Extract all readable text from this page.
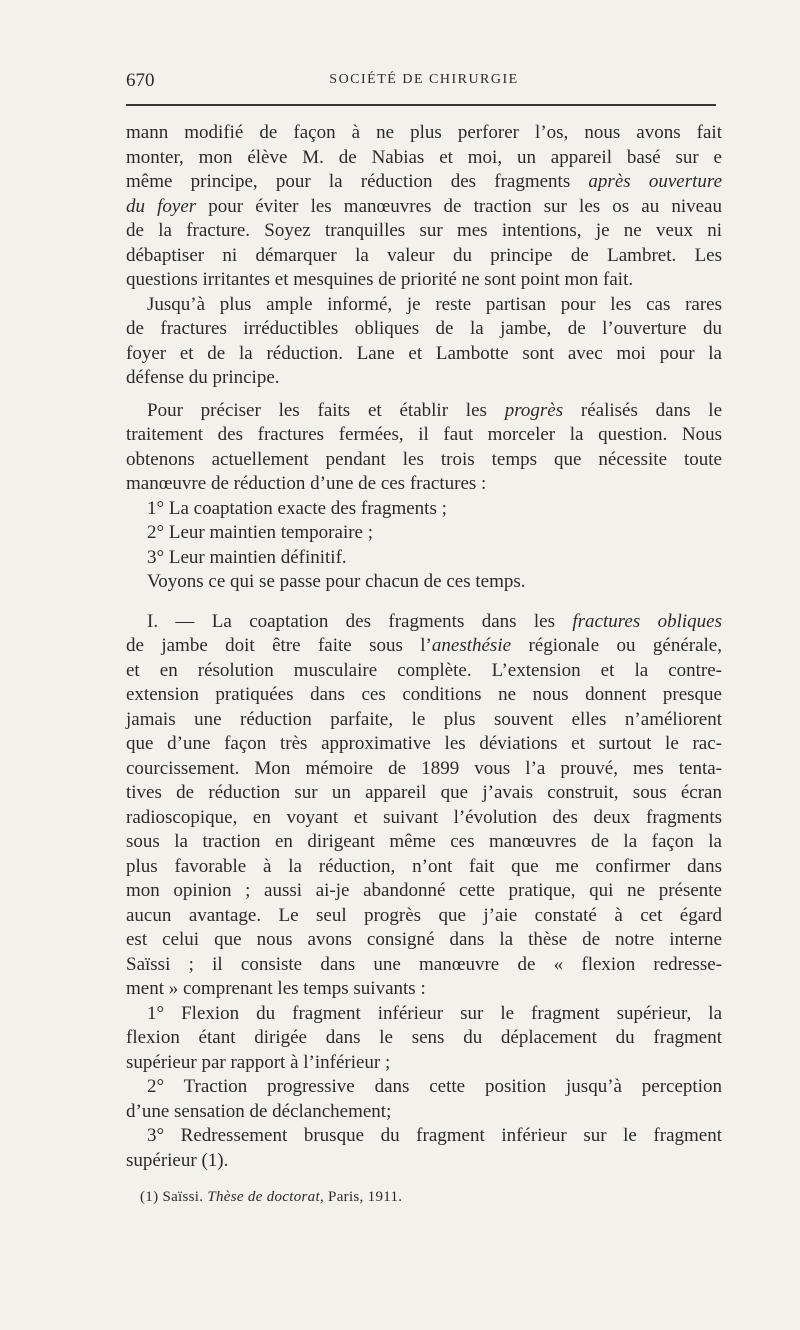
670	SOCIÉTÉ DE CHIRURGIE
mann modifié de façon à ne plus perforer l’os, nous avons fait
monter, mon élève M. de Nabias et moi, un appareil basé sur e
même principe, pour la réduction des fragments après ouverture
du foyer pour éviter les manœuvres de traction sur les os au niveau
de la fracture. Soyez tranquilles sur mes intentions, je ne veux ni
débaptiser ni démarquer la valeur du principe de Lambret. Les
questions irritantes et mesquines de priorité ne sont point mon fait.
Jusqu’à plus ample informé, je reste partisan pour les cas rares
de fractures irréductibles obliques de la jambe, de l’ouverture du
foyer et de la réduction. Lane et Lambotte sont avec moi pour la
défense du principe.
Pour préciser les faits et établir les progrès réalisés dans le
traitement des fractures fermées, il faut morceler la question. Nous
obtenons actuellement pendant les trois temps que nécessite toute
manœuvre de réduction d’une de ces fractures :
1° La coaptation exacte des fragments ;
2° Leur maintien temporaire ;
3° Leur maintien définitif.
Voyons ce qui se passe pour chacun de ces temps.
I. — La coaptation des fragments dans les fractures obliques
de jambe doit être faite sous l’anesthésie régionale ou générale,
et en résolution musculaire complète. L’extension et la contre-
extension pratiquées dans ces conditions ne nous donnent presque
jamais une réduction parfaite, le plus souvent elles n’améliorent
que d’une façon très approximative les déviations et surtout le rac-
courcissement. Mon mémoire de 1899 vous l’a prouvé, mes tenta-
tives de réduction sur un appareil que j’avais construit, sous écran
radioscopique, en voyant et suivant l’évolution des deux fragments
sous la traction en dirigeant même ces manœuvres de la façon la
plus favorable à la réduction, n’ont fait que me confirmer dans
mon opinion ; aussi ai-je abandonné cette pratique, qui ne présente
aucun avantage. Le seul progrès que j’aie constaté à cet égard
est celui que nous avons consigné dans la thèse de notre interne
Saïssi ; il consiste dans une manœuvre de « flexion redresse-
ment » comprenant les temps suivants :
1° Flexion du fragment inférieur sur le fragment supérieur, la
flexion étant dirigée dans le sens du déplacement du fragment
supérieur par rapport à l’inférieur ;
2° Traction progressive dans cette position jusqu’à perception
d’une sensation de déclanchement;
3° Redressement brusque du fragment inférieur sur le fragment
supérieur (1).
(1) Saïssi. Thèse de doctorat, Paris, 1911.
